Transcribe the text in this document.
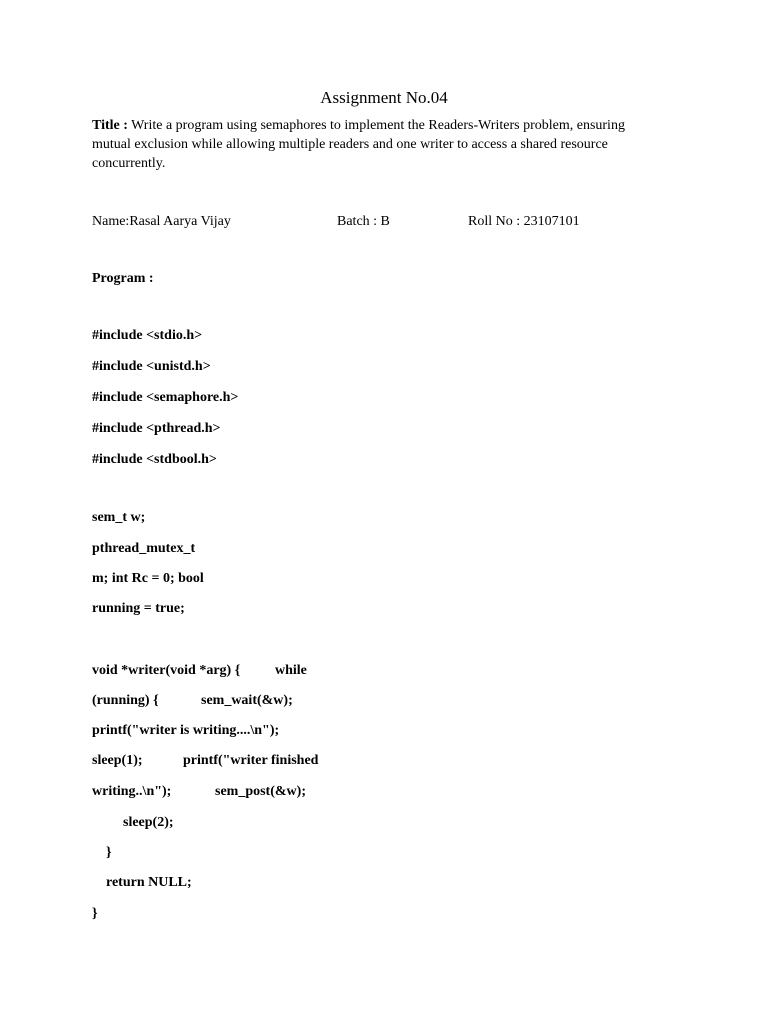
Assignment No.04
Title : Write a program using semaphores to implement the Readers-Writers problem, ensuring mutual exclusion while allowing multiple readers and one writer to access a shared resource concurrently.
Name:Rasal Aarya Vijay	Batch : B	Roll No : 23107101
Program :
#include <stdio.h>
#include <unistd.h>
#include <semaphore.h>
#include <pthread.h>
#include <stdbool.h>
sem_t w;
pthread_mutex_t
m; int Rc = 0; bool
running = true;
void *writer(void *arg) { while
(running) {	sem_wait(&w);
printf("writer is writing....\n");
sleep(1);	printf("writer finished
writing..\n");	sem_post(&w);
sleep(2);
}
return NULL;
}
